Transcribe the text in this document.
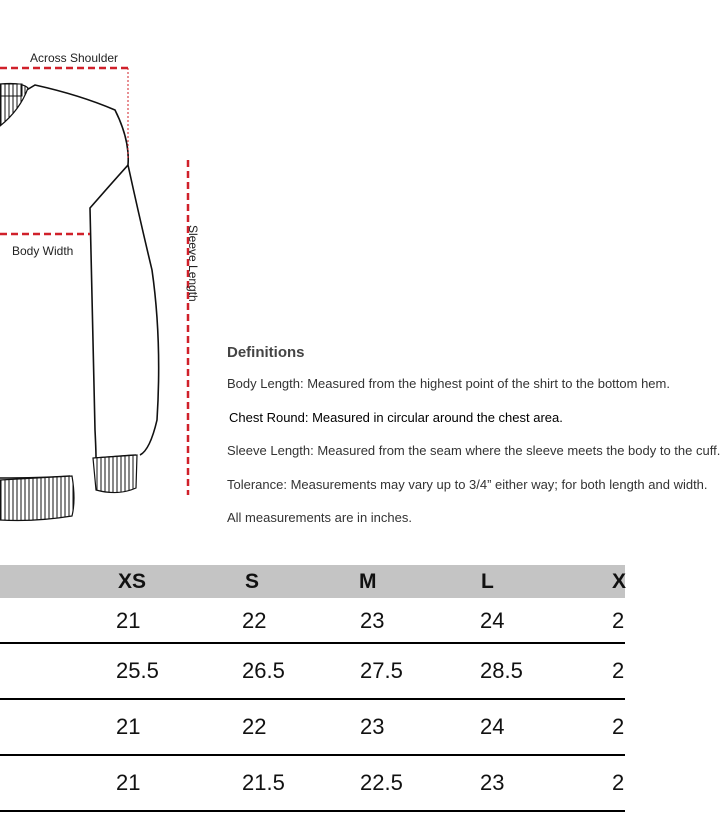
Across Shoulder
Body Width	Sleeve Length
Definitions

Body Length: Measured from the highest point of the shirt to the bottom hem.

Chest Round: Measured in circular around the chest area.

Sleeve Length: Measured from the seam where the sleeve meets the body to the cuff.

Tolerance: Measurements may vary up to 3/4” either way; for both length and width.

All measurements are in inches.

XS	S	M	L	X
21	22	23	24	2
25.5	26.5	27.5	28.5	2
21	22	23	24	2
21	21.5	22.5	23	2
